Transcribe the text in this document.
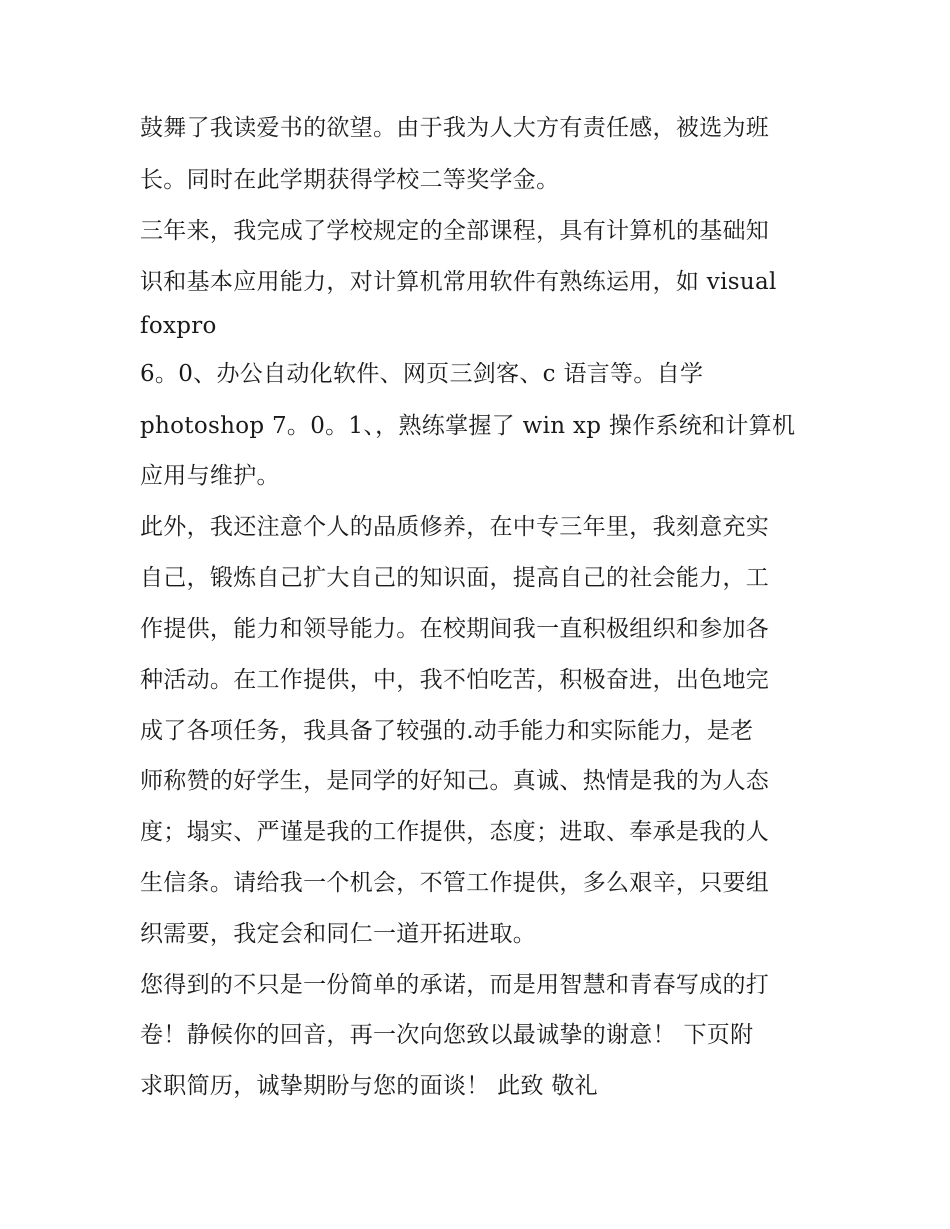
鼓舞了我读爱书的欲望。由于我为人大方有责任感，被选为班
长。同时在此学期获得学校二等奖学金。
三年来，我完成了学校规定的全部课程，具有计算机的基础知
识和基本应用能力，对计算机常用软件有熟练运用，如 visual
foxpro
6。0、办公自动化软件、网页三剑客、c 语言等。自学
photoshop 7。0。1、，熟练掌握了 win xp 操作系统和计算机
应用与维护。
此外，我还注意个人的品质修养，在中专三年里，我刻意充实
自己，锻炼自己扩大自己的知识面，提高自己的社会能力，工
作提供，能力和领导能力。在校期间我一直积极组织和参加各
种活动。在工作提供，中，我不怕吃苦，积极奋进，出色地完
成了各项任务，我具备了较强的.动手能力和实际能力，是老
师称赞的好学生，是同学的好知己。真诚、热情是我的为人态
度；塌实、严谨是我的工作提供，态度；进取、奉承是我的人
生信条。请给我一个机会，不管工作提供，多么艰辛，只要组
织需要，我定会和同仁一道开拓进取。
您得到的不只是一份简单的承诺，而是用智慧和青春写成的打
卷！静候你的回音，再一次向您致以最诚挚的谢意！ 下页附
求职简历，诚挚期盼与您的面谈！ 此致 敬礼
